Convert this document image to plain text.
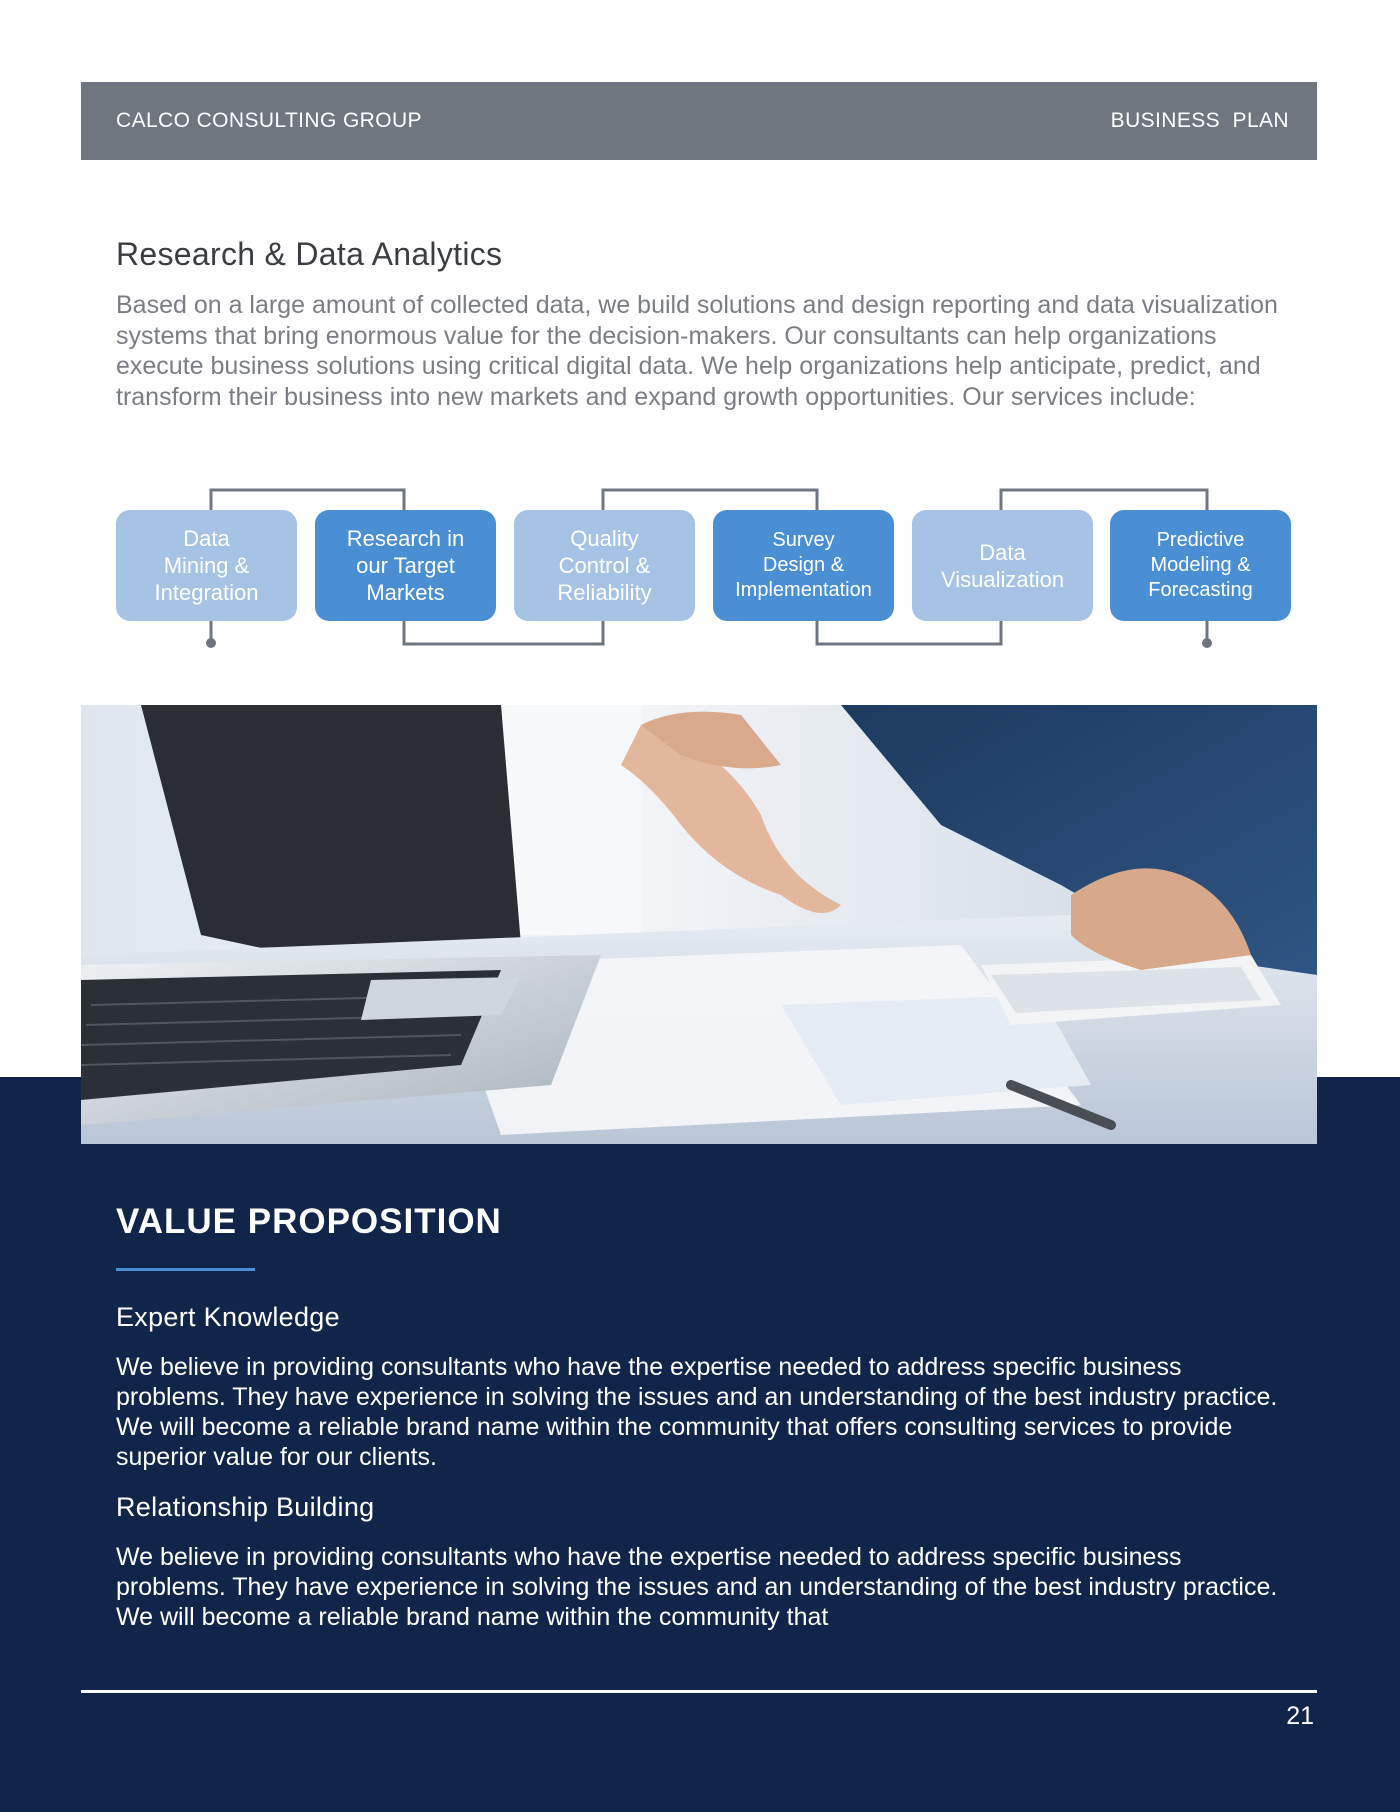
CALCO CONSULTING GROUP	BUSINESS  PLAN
Research & Data Analytics
Based on a large amount of collected data, we build solutions and design reporting and data visualization systems that bring enormous value for the decision-makers. Our consultants can help organizations execute business solutions using critical digital data. We help organizations help anticipate, predict, and transform their business into new markets and expand growth opportunities. Our services include:
Data
Mining &
Integration
Research in
our Target
Markets
Quality
Control &
Reliability
Survey
Design &
Implementation
Data
Visualization
Predictive
Modeling &
Forecasting
VALUE PROPOSITION
Expert Knowledge
We believe in providing consultants who have the expertise needed to address specific business problems. They have experience in solving the issues and an understanding of the best industry practice. We will become a reliable brand name within the community that offers consulting services to provide superior value for our clients.
Relationship Building
We believe in providing consultants who have the expertise needed to address specific business problems. They have experience in solving the issues and an understanding of the best industry practice. We will become a reliable brand name within the community that
21
